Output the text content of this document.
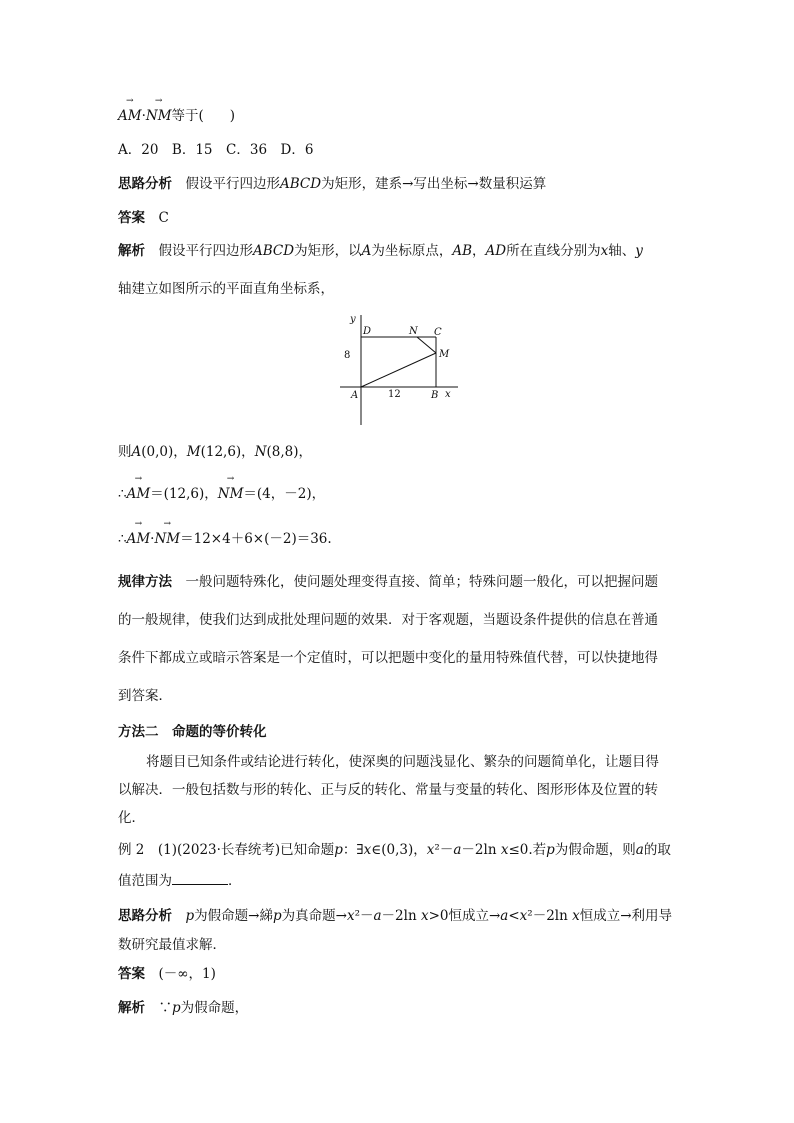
→ AM·→ NM等于( )
A．20　B．15　C．36　D．6
思路分析　 假设平行四边形ABCD为矩形，建系→写出坐标→数量积运算
答案　 C
解析　 假设平行四边形ABCD为矩形，以A为坐标原点，AB，AD所在直线分别为x轴、y
轴建立如图所示的平面直角坐标系，
y
D	N C
M
A	B x
8
12
则A(0,0)，M(12,6)，N(8,8)，
∴→ AM＝(12,6)，→ NM＝(4，－2)，
∴→ AM·→ NM＝12×4＋6×(－2)＝36.
规律方法　 一般问题特殊化，使问题处理变得直接、简单；特殊问题一般化，可以把握问题
的一般规律，使我们达到成批处理问题的效果．对于客观题，当题设条件提供的信息在普通
条件下都成立或暗示答案是一个定值时，可以把题中变化的量用特殊值代替，可以快捷地得
到答案．
方法二　命题的等价转化
将题目已知条件或结论进行转化，使深奥的问题浅显化、繁杂的问题简单化，让题目得
以解决．一般包括数与形的转化、正与反的转化、常量与变量的转化、图形形体及位置的转
化．
例 2　(1)(2023·长春统考)已知命题p：∃x∈(0,3)，x²－a－2ln x≤0.若p为假命题，则a的取
值范围为	．
思路分析　 p为假命题→綈p为真命题→x²－a－2ln x>0恒成立→a<x²－2ln x恒成立→利用导
数研究最值求解．
答案　 (－∞，1)
解析　 ∵p为假命题，
